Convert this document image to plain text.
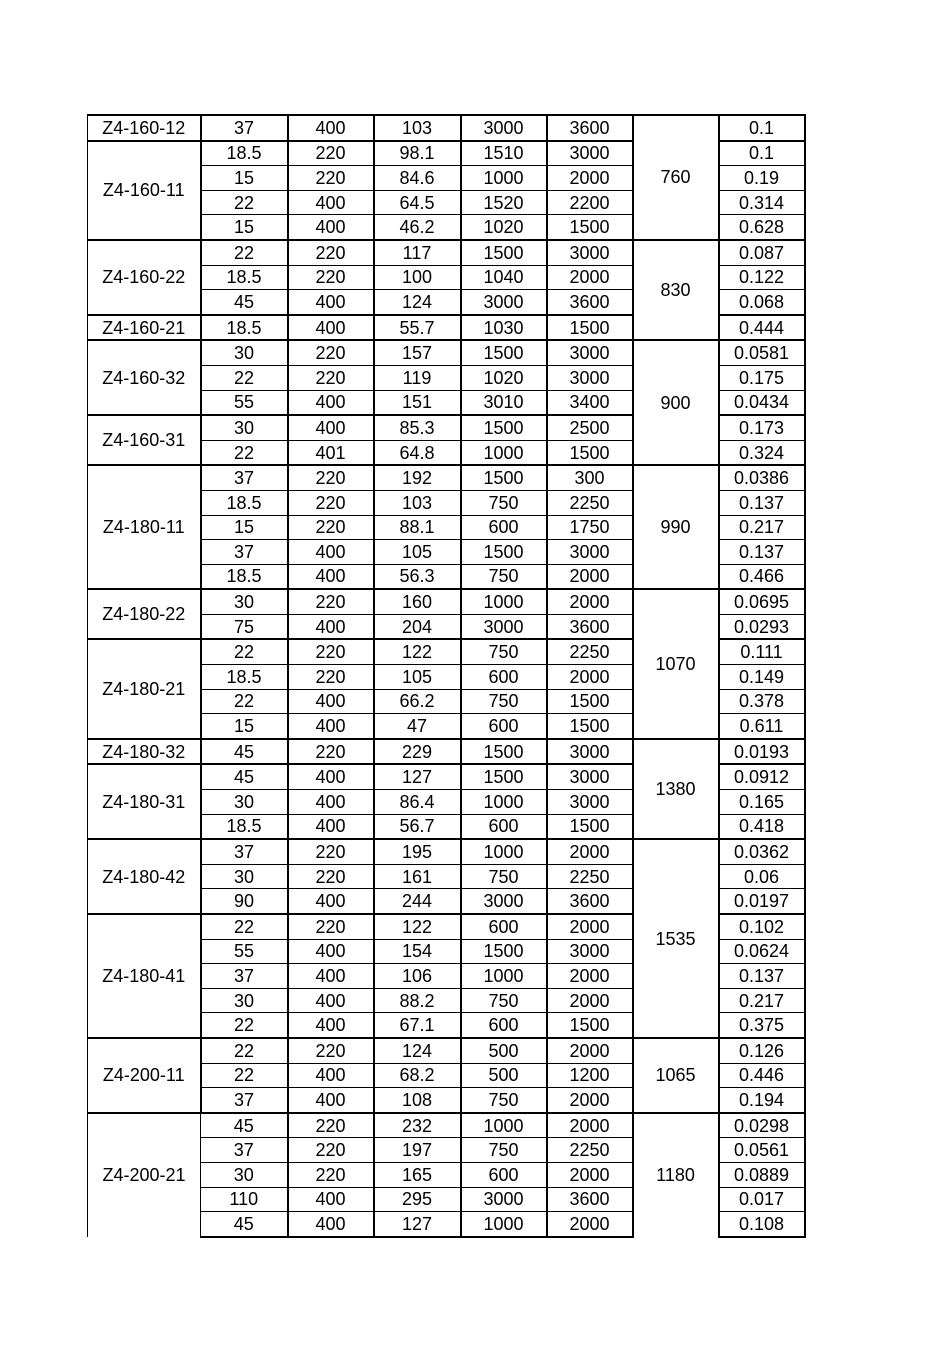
Z4-160-12	37	400	103	3000	3600	760	0.1
Z4-160-11	18.5	220	98.1	1510	3000		0.1
	15	220	84.6	1000	2000		0.19
	22	400	64.5	1520	2200		0.314
	15	400	46.2	1020	1500		0.628
Z4-160-22	22	220	117	1500	3000	830	0.087
	18.5	220	100	1040	2000		0.122
	45	400	124	3000	3600		0.068
Z4-160-21	18.5	400	55.7	1030	1500		0.444
Z4-160-32	30	220	157	1500	3000	900	0.0581
	22	220	119	1020	3000		0.175
	55	400	151	3010	3400		0.0434
Z4-160-31	30	400	85.3	1500	2500		0.173
	22	401	64.8	1000	1500		0.324
Z4-180-11	37	220	192	1500	300	990	0.0386
	18.5	220	103	750	2250		0.137
	15	220	88.1	600	1750		0.217
	37	400	105	1500	3000		0.137
	18.5	400	56.3	750	2000		0.466
Z4-180-22	30	220	160	1000	2000	1070	0.0695
	75	400	204	3000	3600		0.0293
Z4-180-21	22	220	122	750	2250		0.111
	18.5	220	105	600	2000		0.149
	22	400	66.2	750	1500		0.378
	15	400	47	600	1500		0.611
Z4-180-32	45	220	229	1500	3000	1380	0.0193
Z4-180-31	45	400	127	1500	3000		0.0912
	30	400	86.4	1000	3000		0.165
	18.5	400	56.7	600	1500		0.418
Z4-180-42	37	220	195	1000	2000	1535	0.0362
	30	220	161	750	2250		0.06
	90	400	244	3000	3600		0.0197
Z4-180-41	22	220	122	600	2000		0.102
	55	400	154	1500	3000		0.0624
	37	400	106	1000	2000		0.137
	30	400	88.2	750	2000		0.217
	22	400	67.1	600	1500		0.375
Z4-200-11	22	220	124	500	2000	1065	0.126
	22	400	68.2	500	1200		0.446
	37	400	108	750	2000		0.194
Z4-200-21	45	220	232	1000	2000	1180	0.0298
	37	220	197	750	2250		0.0561
	30	220	165	600	2000		0.0889
	110	400	295	3000	3600		0.017
	45	400	127	1000	2000		0.108
